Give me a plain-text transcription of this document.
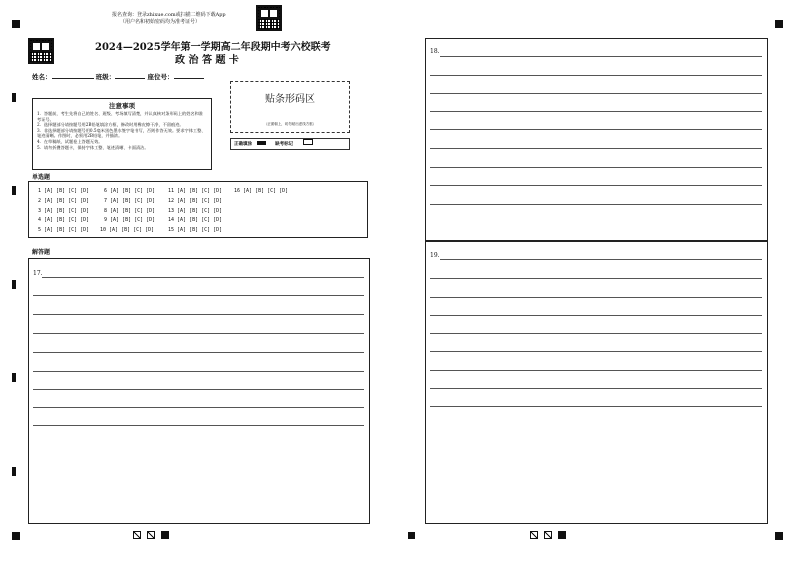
报名查询：登录zhixue.com或扫描二维码下载App
（用户名和初始密码均为准考证号）
2024—2025学年第一学期高二年段期中考六校联考
政 治 答 题 卡
姓名：	班级：	座位号：
贴条形码区
（正面朝上，切勿贴出虚线方框）
正确填涂	缺考标记
注意事项
1．答题前，考生先将自己的姓名、班级、考场填写清楚，并认真核对条形码上的姓名和准考证号。
2．选择题部分请按题号用2B铅笔填涂方框，修改时用橡皮擦干净，不留痕迹。
3．非选择题部分请按题号用0.5毫米黑色墨水签字笔书写，否则作答无效。要求字体工整、笔迹清晰。作图时，必须用2B铅笔，并描浓。
4．在草稿纸、试题卷上答题无效。
5．请勿折叠答题卡，保持字体工整、笔迹清晰、卡面清洁。
单选题
1 [A] [B] [C] [D]	6 [A] [B] [C] [D]	11 [A] [B] [C] [D] 16 [A] [B] [C] [D]
2 [A] [B] [C] [D]	7 [A] [B] [C] [D]	12 [A] [B] [C] [D]
3 [A] [B] [C] [D]	8 [A] [B] [C] [D]	13 [A] [B] [C] [D]
4 [A] [B] [C] [D]	9 [A] [B] [C] [D]	14 [A] [B] [C] [D]
5 [A] [B] [C] [D] 10 [A] [B] [C] [D]	15 [A] [B] [C] [D]
解答题
17.
18.
19.
